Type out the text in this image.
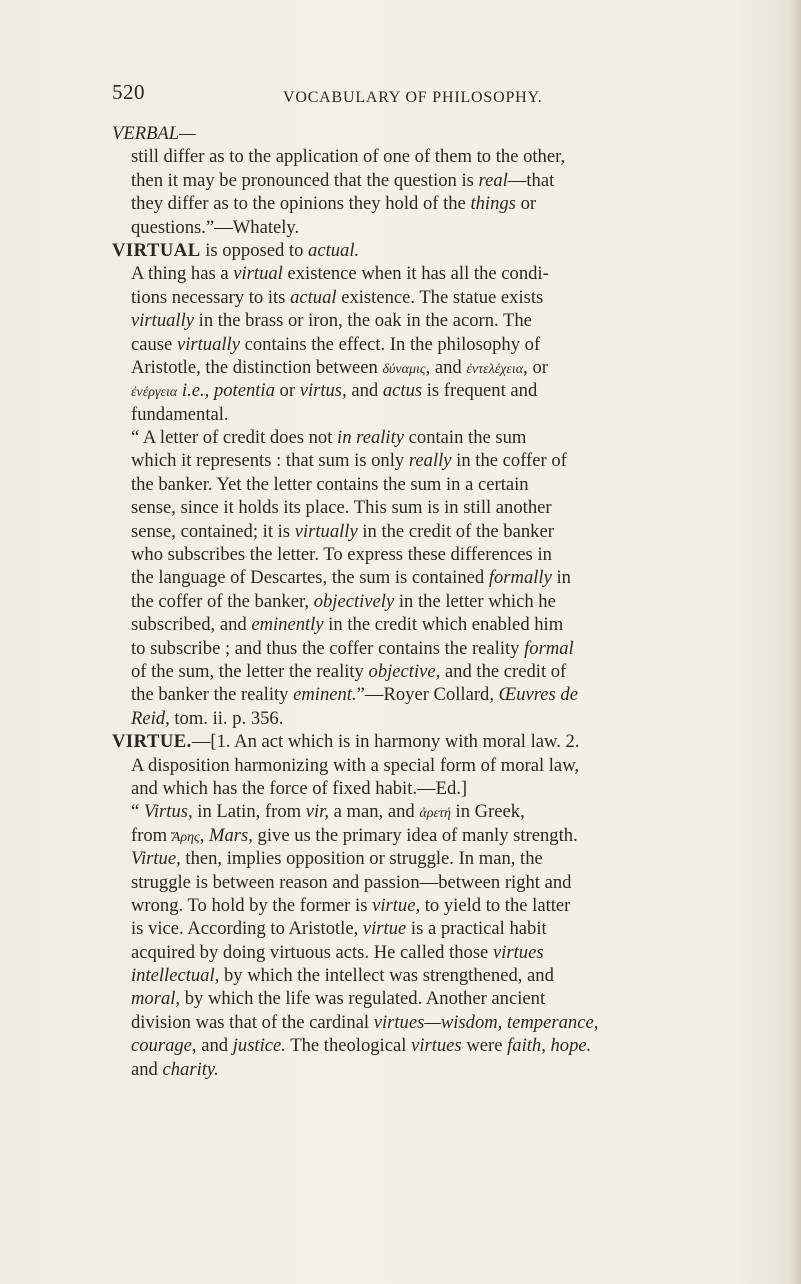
520	VOCABULARY OF PHILOSOPHY.
VERBAL—
still differ as to the application of one of them to the other,
then it may be pronounced that the question is real—that
they differ as to the opinions they hold of the things or
questions.”—Whately.
VIRTUAL is opposed to actual.
A thing has a virtual existence when it has all the condi-
tions necessary to its actual existence. The statue exists
virtually in the brass or iron, the oak in the acorn. The
cause virtually contains the effect. In the philosophy of
Aristotle, the distinction between δύναμις, and ἐντελέχεια, or
ἐνέργεια i.e., potentia or virtus, and actus is frequent and
fundamental.
“ A letter of credit does not in reality contain the sum
which it represents : that sum is only really in the coffer of
the banker. Yet the letter contains the sum in a certain
sense, since it holds its place. This sum is in still another
sense, contained; it is virtually in the credit of the banker
who subscribes the letter. To express these differences in
the language of Descartes, the sum is contained formally in
the coffer of the banker, objectively in the letter which he
subscribed, and eminently in the credit which enabled him
to subscribe ; and thus the coffer contains the reality formal
of the sum, the letter the reality objective, and the credit of
the banker the reality eminent.”—Royer Collard, Œuvres de
Reid, tom. ii. p. 356.
VIRTUE.—[1. An act which is in harmony with moral law. 2.
A disposition harmonizing with a special form of moral law,
and which has the force of fixed habit.—Ed.]
“ Virtus, in Latin, from vir, a man, and ἀρετή in Greek,
from Ἄρης, Mars, give us the primary idea of manly strength.
Virtue, then, implies opposition or struggle. In man, the
struggle is between reason and passion—between right and
wrong. To hold by the former is virtue, to yield to the latter
is vice. According to Aristotle, virtue is a practical habit
acquired by doing virtuous acts. He called those virtues
intellectual, by which the intellect was strengthened, and
moral, by which the life was regulated. Another ancient
division was that of the cardinal virtues—wisdom, temperance,
courage, and justice. The theological virtues were faith, hope.
and charity.
